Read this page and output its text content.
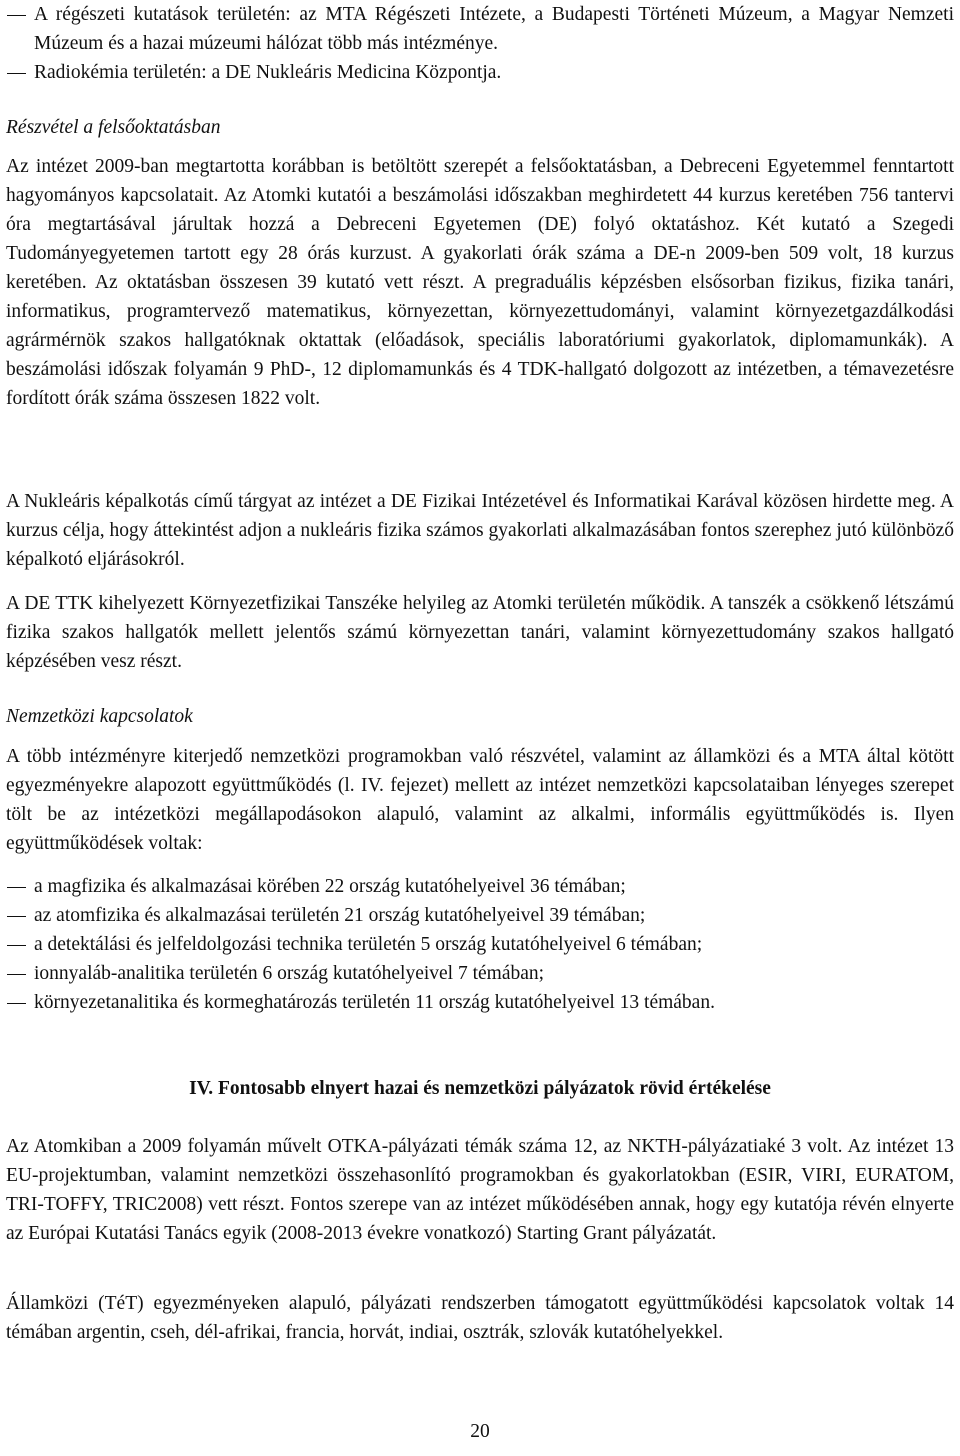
A régészeti kutatások területén: az MTA Régészeti Intézete, a Budapesti Történeti Múzeum, a Magyar Nemzeti Múzeum és a hazai múzeumi hálózat több más intézménye.
Radiokémia területén: a DE Nukleáris Medicina Központja.

Részvétel a felsőoktatásban

Az intézet 2009-ban megtartotta korábban is betöltött szerepét a felsőoktatásban, a Debreceni Egyetemmel fenntartott hagyományos kapcsolatait. Az Atomki kutatói a beszámolási időszakban meghirdetett 44 kurzus keretében 756 tantervi óra megtartásával járultak hozzá a Debreceni Egyetemen (DE) folyó oktatáshoz. Két kutató a Szegedi Tudományegyetemen tartott egy 28 órás kurzust. A gyakorlati órák száma a DE-n 2009-ben 509 volt, 18 kurzus keretében. Az oktatásban összesen 39 kutató vett részt. A pregraduális képzésben elsősorban fizikus, fizika tanári, informatikus, programtervező matematikus, környezettan, környezettudományi, valamint környezetgazdálkodási agrármérnök szakos hallgatóknak oktattak (előadások, speciális laboratóriumi gyakorlatok, diplomamunkák). A beszámolási időszak folyamán 9 PhD-, 12 diplomamunkás és 4 TDK-hallgató dolgozott az intézetben, a témavezetésre fordított órák száma összesen 1822 volt.

A Nukleáris képalkotás című tárgyat az intézet a DE Fizikai Intézetével és Informatikai Karával közösen hirdette meg. A kurzus célja, hogy áttekintést adjon a nukleáris fizika számos gyakorlati alkalmazásában fontos szerephez jutó különböző képalkotó eljárásokról.

A DE TTK kihelyezett Környezetfizikai Tanszéke helyileg az Atomki területén működik. A tanszék a csökkenő létszámú fizika szakos hallgatók mellett jelentős számú környezettan tanári, valamint környezettudomány szakos hallgató képzésében vesz részt.

Nemzetközi kapcsolatok

A több intézményre kiterjedő nemzetközi programokban való részvétel, valamint az államközi és a MTA által kötött egyezményekre alapozott együttműködés (l. IV. fejezet) mellett az intézet nemzetközi kapcsolataiban lényeges szerepet tölt be az intézetközi megállapodásokon alapuló, valamint az alkalmi, informális együttműködés is. Ilyen együttműködések voltak:

a magfizika és alkalmazásai körében 22 ország kutatóhelyeivel 36 témában;
az atomfizika és alkalmazásai területén 21 ország kutatóhelyeivel 39 témában;
a detektálási és jelfeldolgozási technika területén 5 ország kutatóhelyeivel 6 témában;
ionnyaláb-analitika területén 6 ország kutatóhelyeivel 7 témában;
környezetanalitika és kormeghatározás területén 11 ország kutatóhelyeivel 13 témában.

IV. Fontosabb elnyert hazai és nemzetközi pályázatok rövid értékelése

Az Atomkiban a 2009 folyamán művelt OTKA-pályázati témák száma 12, az NKTH-pályázatiaké 3 volt. Az intézet 13 EU-projektumban, valamint nemzetközi összehasonlító programokban és gyakorlatokban (ESIR, VIRI, EURATOM, TRI-TOFFY, TRIC2008) vett részt. Fontos szerepe van az intézet működésében annak, hogy egy kutatója révén elnyerte az Európai Kutatási Tanács egyik (2008-2013 évekre vonatkozó) Starting Grant pályázatát.

Államközi (TéT) egyezményeken alapuló, pályázati rendszerben támogatott együttműködési kapcsolatok voltak 14 témában argentin, cseh, dél-afrikai, francia, horvát, indiai, osztrák, szlovák kutatóhelyekkel.

20
